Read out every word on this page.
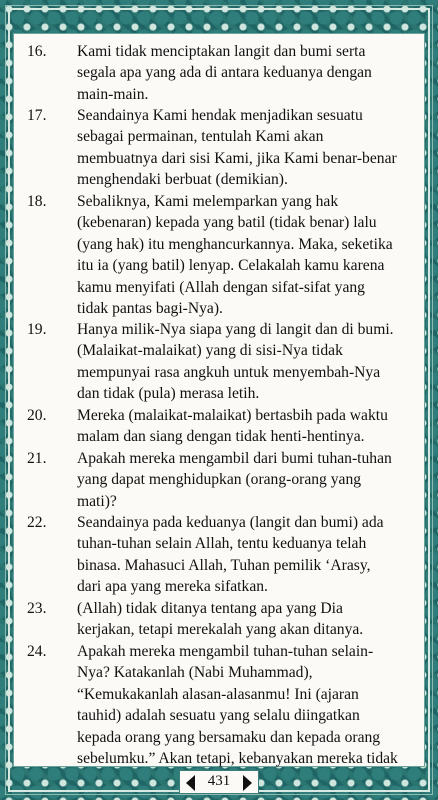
16.	Kami tidak menciptakan langit dan bumi serta
segala apa yang ada di antara keduanya dengan
main-main.
17.	Seandainya Kami hendak menjadikan sesuatu
sebagai permainan, tentulah Kami akan
membuatnya dari sisi Kami, jika Kami benar-benar
menghendaki berbuat (demikian).
18.	Sebaliknya, Kami melemparkan yang hak
(kebenaran) kepada yang batil (tidak benar) lalu
(yang hak) itu menghancurkannya. Maka, seketika
itu ia (yang batil) lenyap. Celakalah kamu karena
kamu menyifati (Allah dengan sifat-sifat yang
tidak pantas bagi-Nya).
19.	Hanya milik-Nya siapa yang di langit dan di bumi.
(Malaikat-malaikat) yang di sisi-Nya tidak
mempunyai rasa angkuh untuk menyembah-Nya
dan tidak (pula) merasa letih.
20.	Mereka (malaikat-malaikat) bertasbih pada waktu
malam dan siang dengan tidak henti-hentinya.
21.	Apakah mereka mengambil dari bumi tuhan-tuhan
yang dapat menghidupkan (orang-orang yang
mati)?
22.	Seandainya pada keduanya (langit dan bumi) ada
tuhan-tuhan selain Allah, tentu keduanya telah
binasa. Mahasuci Allah, Tuhan pemilik ‘Arasy,
dari apa yang mereka sifatkan.
23.	(Allah) tidak ditanya tentang apa yang Dia
kerjakan, tetapi merekalah yang akan ditanya.
24.	Apakah mereka mengambil tuhan-tuhan selain-
Nya? Katakanlah (Nabi Muhammad),
“Kemukakanlah alasan-alasanmu! Ini (ajaran
tauhid) adalah sesuatu yang selalu diingatkan
kepada orang yang bersamaku dan kepada orang
sebelumku.” Akan tetapi, kebanyakan mereka tidak
431
